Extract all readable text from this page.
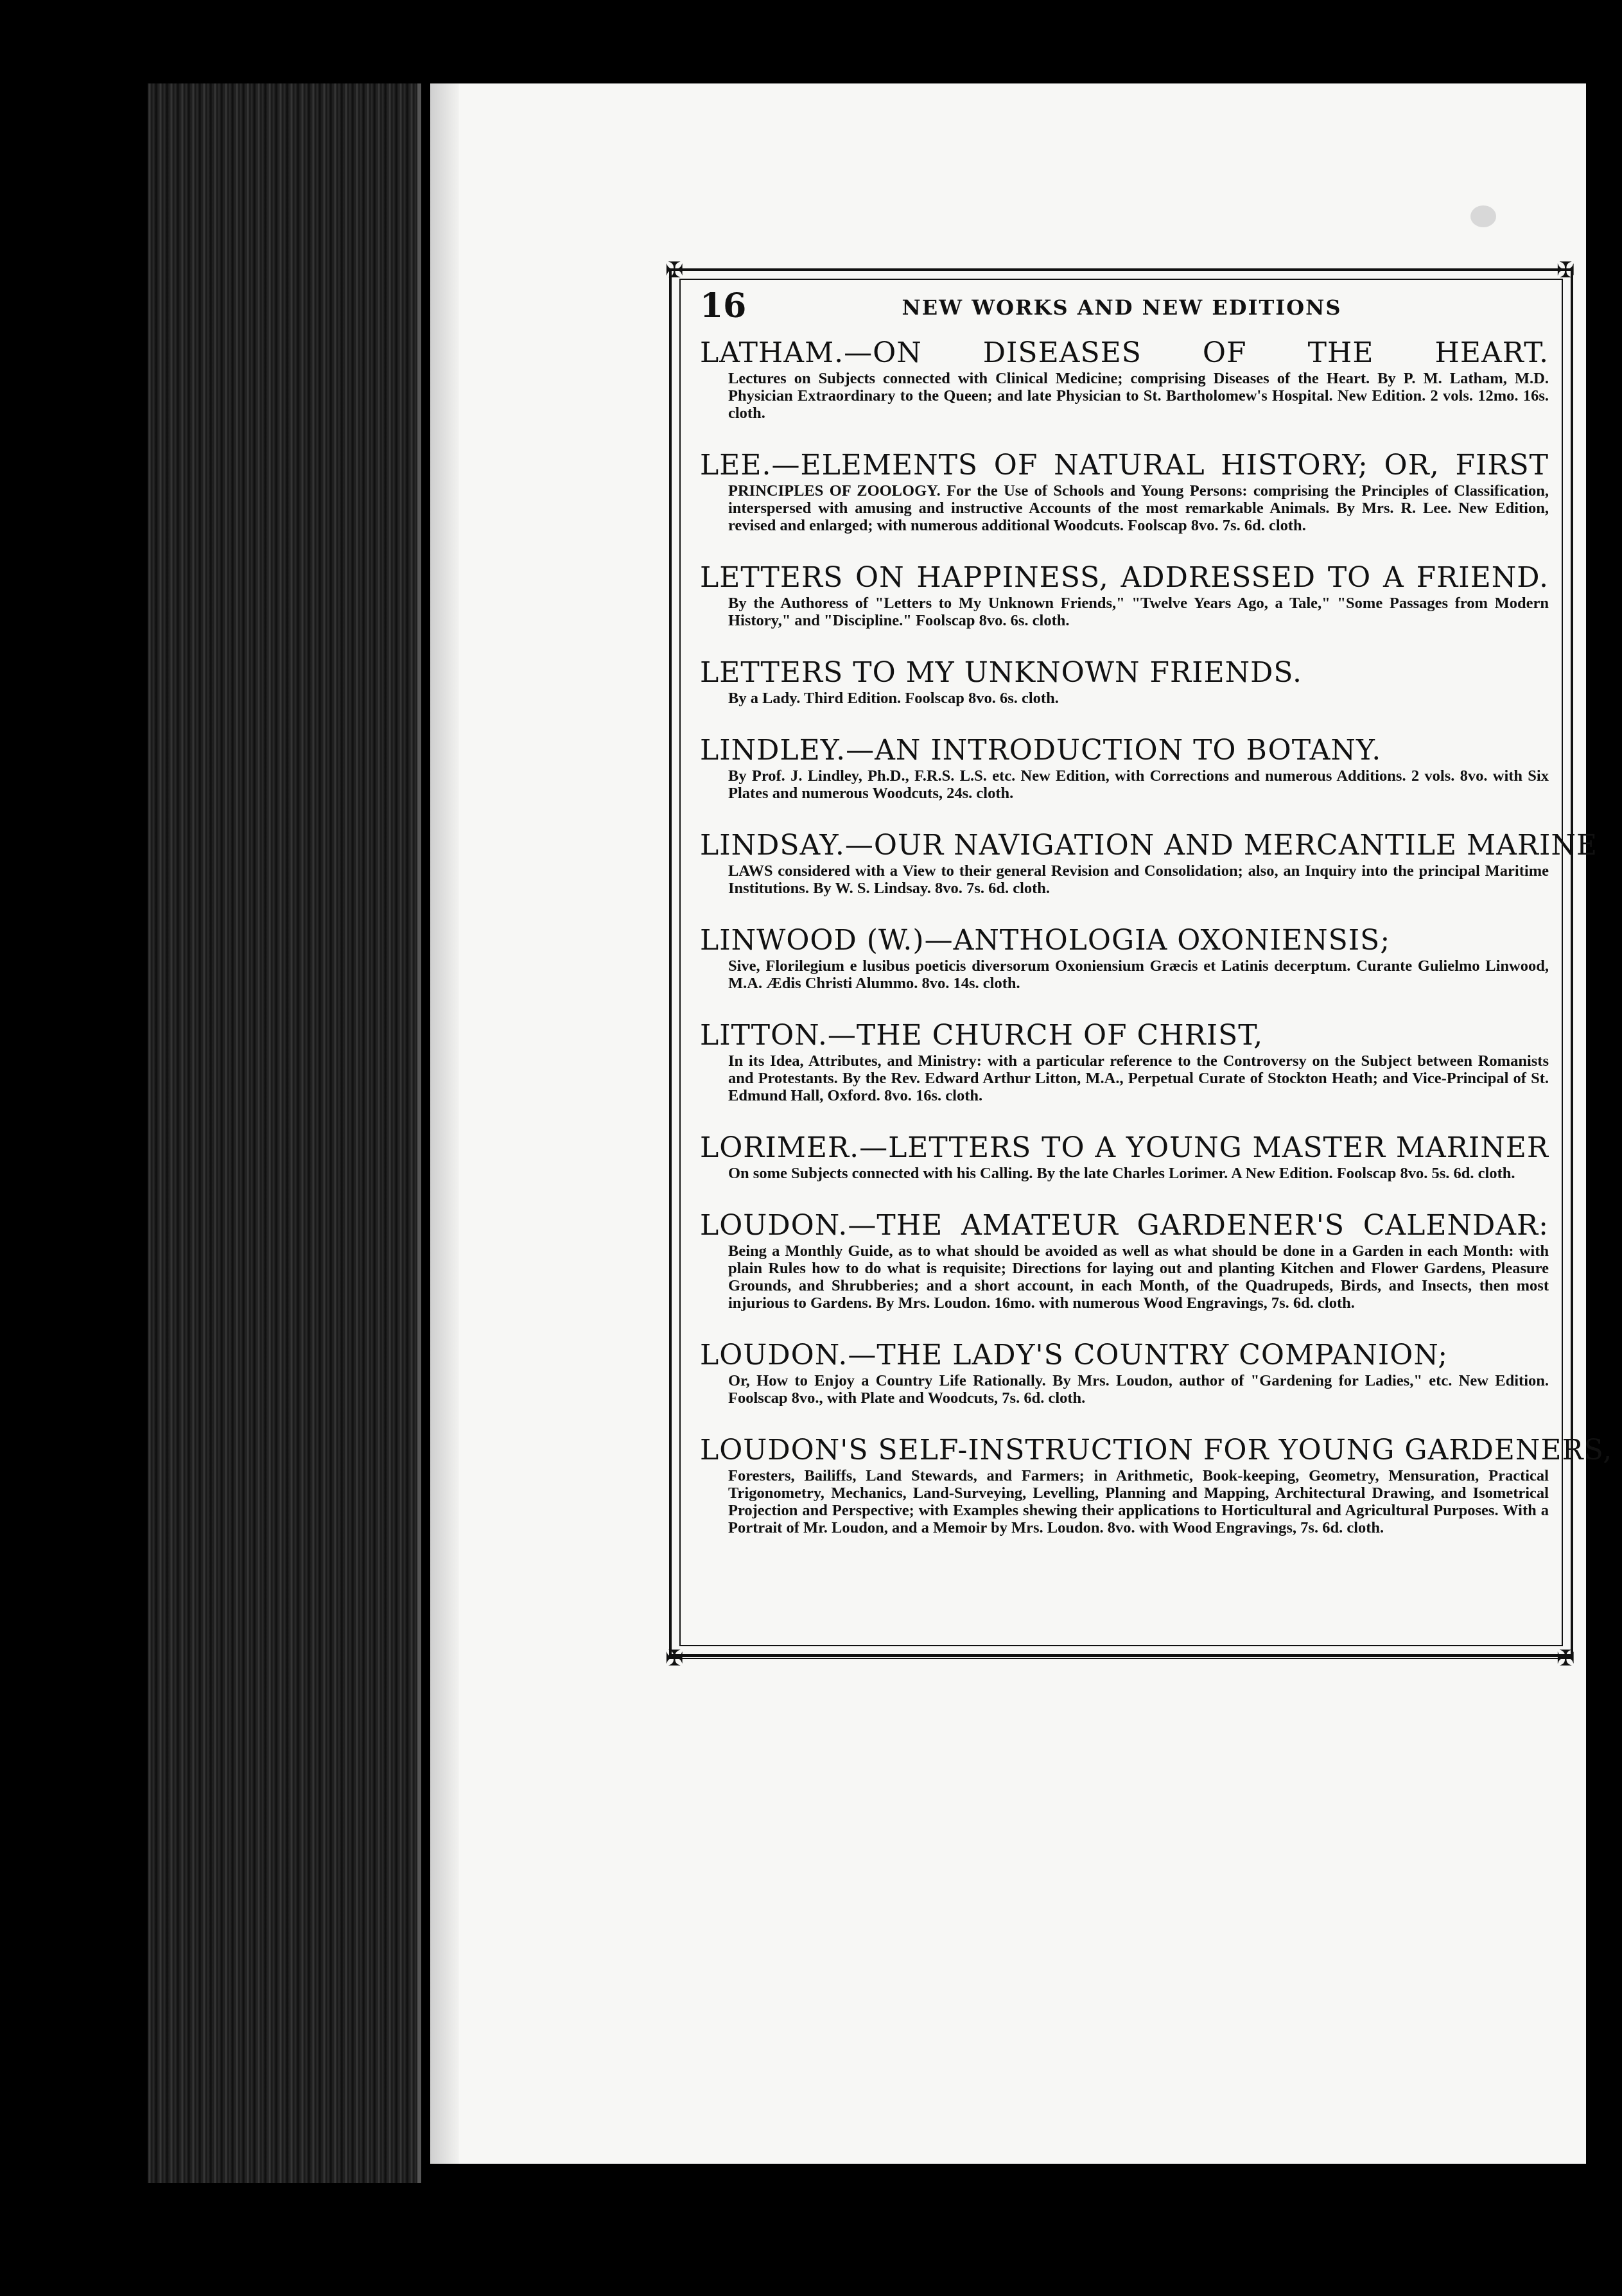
✠	✠
✠	✠
16	NEW WORKS AND NEW EDITIONS
LATHAM.—ON DISEASES OF THE HEART.
Lectures on Subjects connected with Clinical Medicine; comprising Diseases of the Heart. By P. M. Latham, M.D. Physician Extraordinary to the Queen; and late Physician to St. Bartholomew's Hospital. New Edition. 2 vols. 12mo. 16s. cloth.
LEE.—ELEMENTS OF NATURAL HISTORY; OR, FIRST
PRINCIPLES OF ZOOLOGY. For the Use of Schools and Young Persons: comprising the Principles of Classification, interspersed with amusing and instructive Accounts of the most remarkable Animals. By Mrs. R. Lee. New Edition, revised and enlarged; with numerous additional Woodcuts. Foolscap 8vo. 7s. 6d. cloth.
LETTERS ON HAPPINESS, ADDRESSED TO A FRIEND.
By the Authoress of "Letters to My Unknown Friends," "Twelve Years Ago, a Tale," "Some Passages from Modern History," and "Discipline." Foolscap 8vo. 6s. cloth.
LETTERS TO MY UNKNOWN FRIENDS.
By a Lady. Third Edition. Foolscap 8vo. 6s. cloth.
LINDLEY.—AN INTRODUCTION TO BOTANY.
By Prof. J. Lindley, Ph.D., F.R.S. L.S. etc. New Edition, with Corrections and numerous Additions. 2 vols. 8vo. with Six Plates and numerous Woodcuts, 24s. cloth.
LINDSAY.—OUR NAVIGATION AND MERCANTILE MARINE
LAWS considered with a View to their general Revision and Consolidation; also, an Inquiry into the principal Maritime Institutions. By W. S. Lindsay. 8vo. 7s. 6d. cloth.
LINWOOD (W.)—ANTHOLOGIA OXONIENSIS;
Sive, Florilegium e lusibus poeticis diversorum Oxoniensium Græcis et Latinis decerptum. Curante Gulielmo Linwood, M.A. Ædis Christi Alummo. 8vo. 14s. cloth.
LITTON.—THE CHURCH OF CHRIST,
In its Idea, Attributes, and Ministry: with a particular reference to the Controversy on the Subject between Romanists and Protestants. By the Rev. Edward Arthur Litton, M.A., Perpetual Curate of Stockton Heath; and Vice-Principal of St. Edmund Hall, Oxford. 8vo. 16s. cloth.
LORIMER.—LETTERS TO A YOUNG MASTER MARINER
On some Subjects connected with his Calling. By the late Charles Lorimer. A New Edition. Foolscap 8vo. 5s. 6d. cloth.
LOUDON.—THE AMATEUR GARDENER'S CALENDAR:
Being a Monthly Guide, as to what should be avoided as well as what should be done in a Garden in each Month: with plain Rules how to do what is requisite; Directions for laying out and planting Kitchen and Flower Gardens, Pleasure Grounds, and Shrubberies; and a short account, in each Month, of the Quadrupeds, Birds, and Insects, then most injurious to Gardens. By Mrs. Loudon. 16mo. with numerous Wood Engravings, 7s. 6d. cloth.
LOUDON.—THE LADY'S COUNTRY COMPANION;
Or, How to Enjoy a Country Life Rationally. By Mrs. Loudon, author of "Gardening for Ladies," etc. New Edition. Foolscap 8vo., with Plate and Woodcuts, 7s. 6d. cloth.
LOUDON'S SELF-INSTRUCTION FOR YOUNG GARDENERS,
Foresters, Bailiffs, Land Stewards, and Farmers; in Arithmetic, Book-keeping, Geometry, Mensuration, Practical Trigonometry, Mechanics, Land-Surveying, Levelling, Planning and Mapping, Architectural Drawing, and Isometrical Projection and Perspective; with Examples shewing their applications to Horticultural and Agricultural Purposes. With a Portrait of Mr. Loudon, and a Memoir by Mrs. Loudon. 8vo. with Wood Engravings, 7s. 6d. cloth.
